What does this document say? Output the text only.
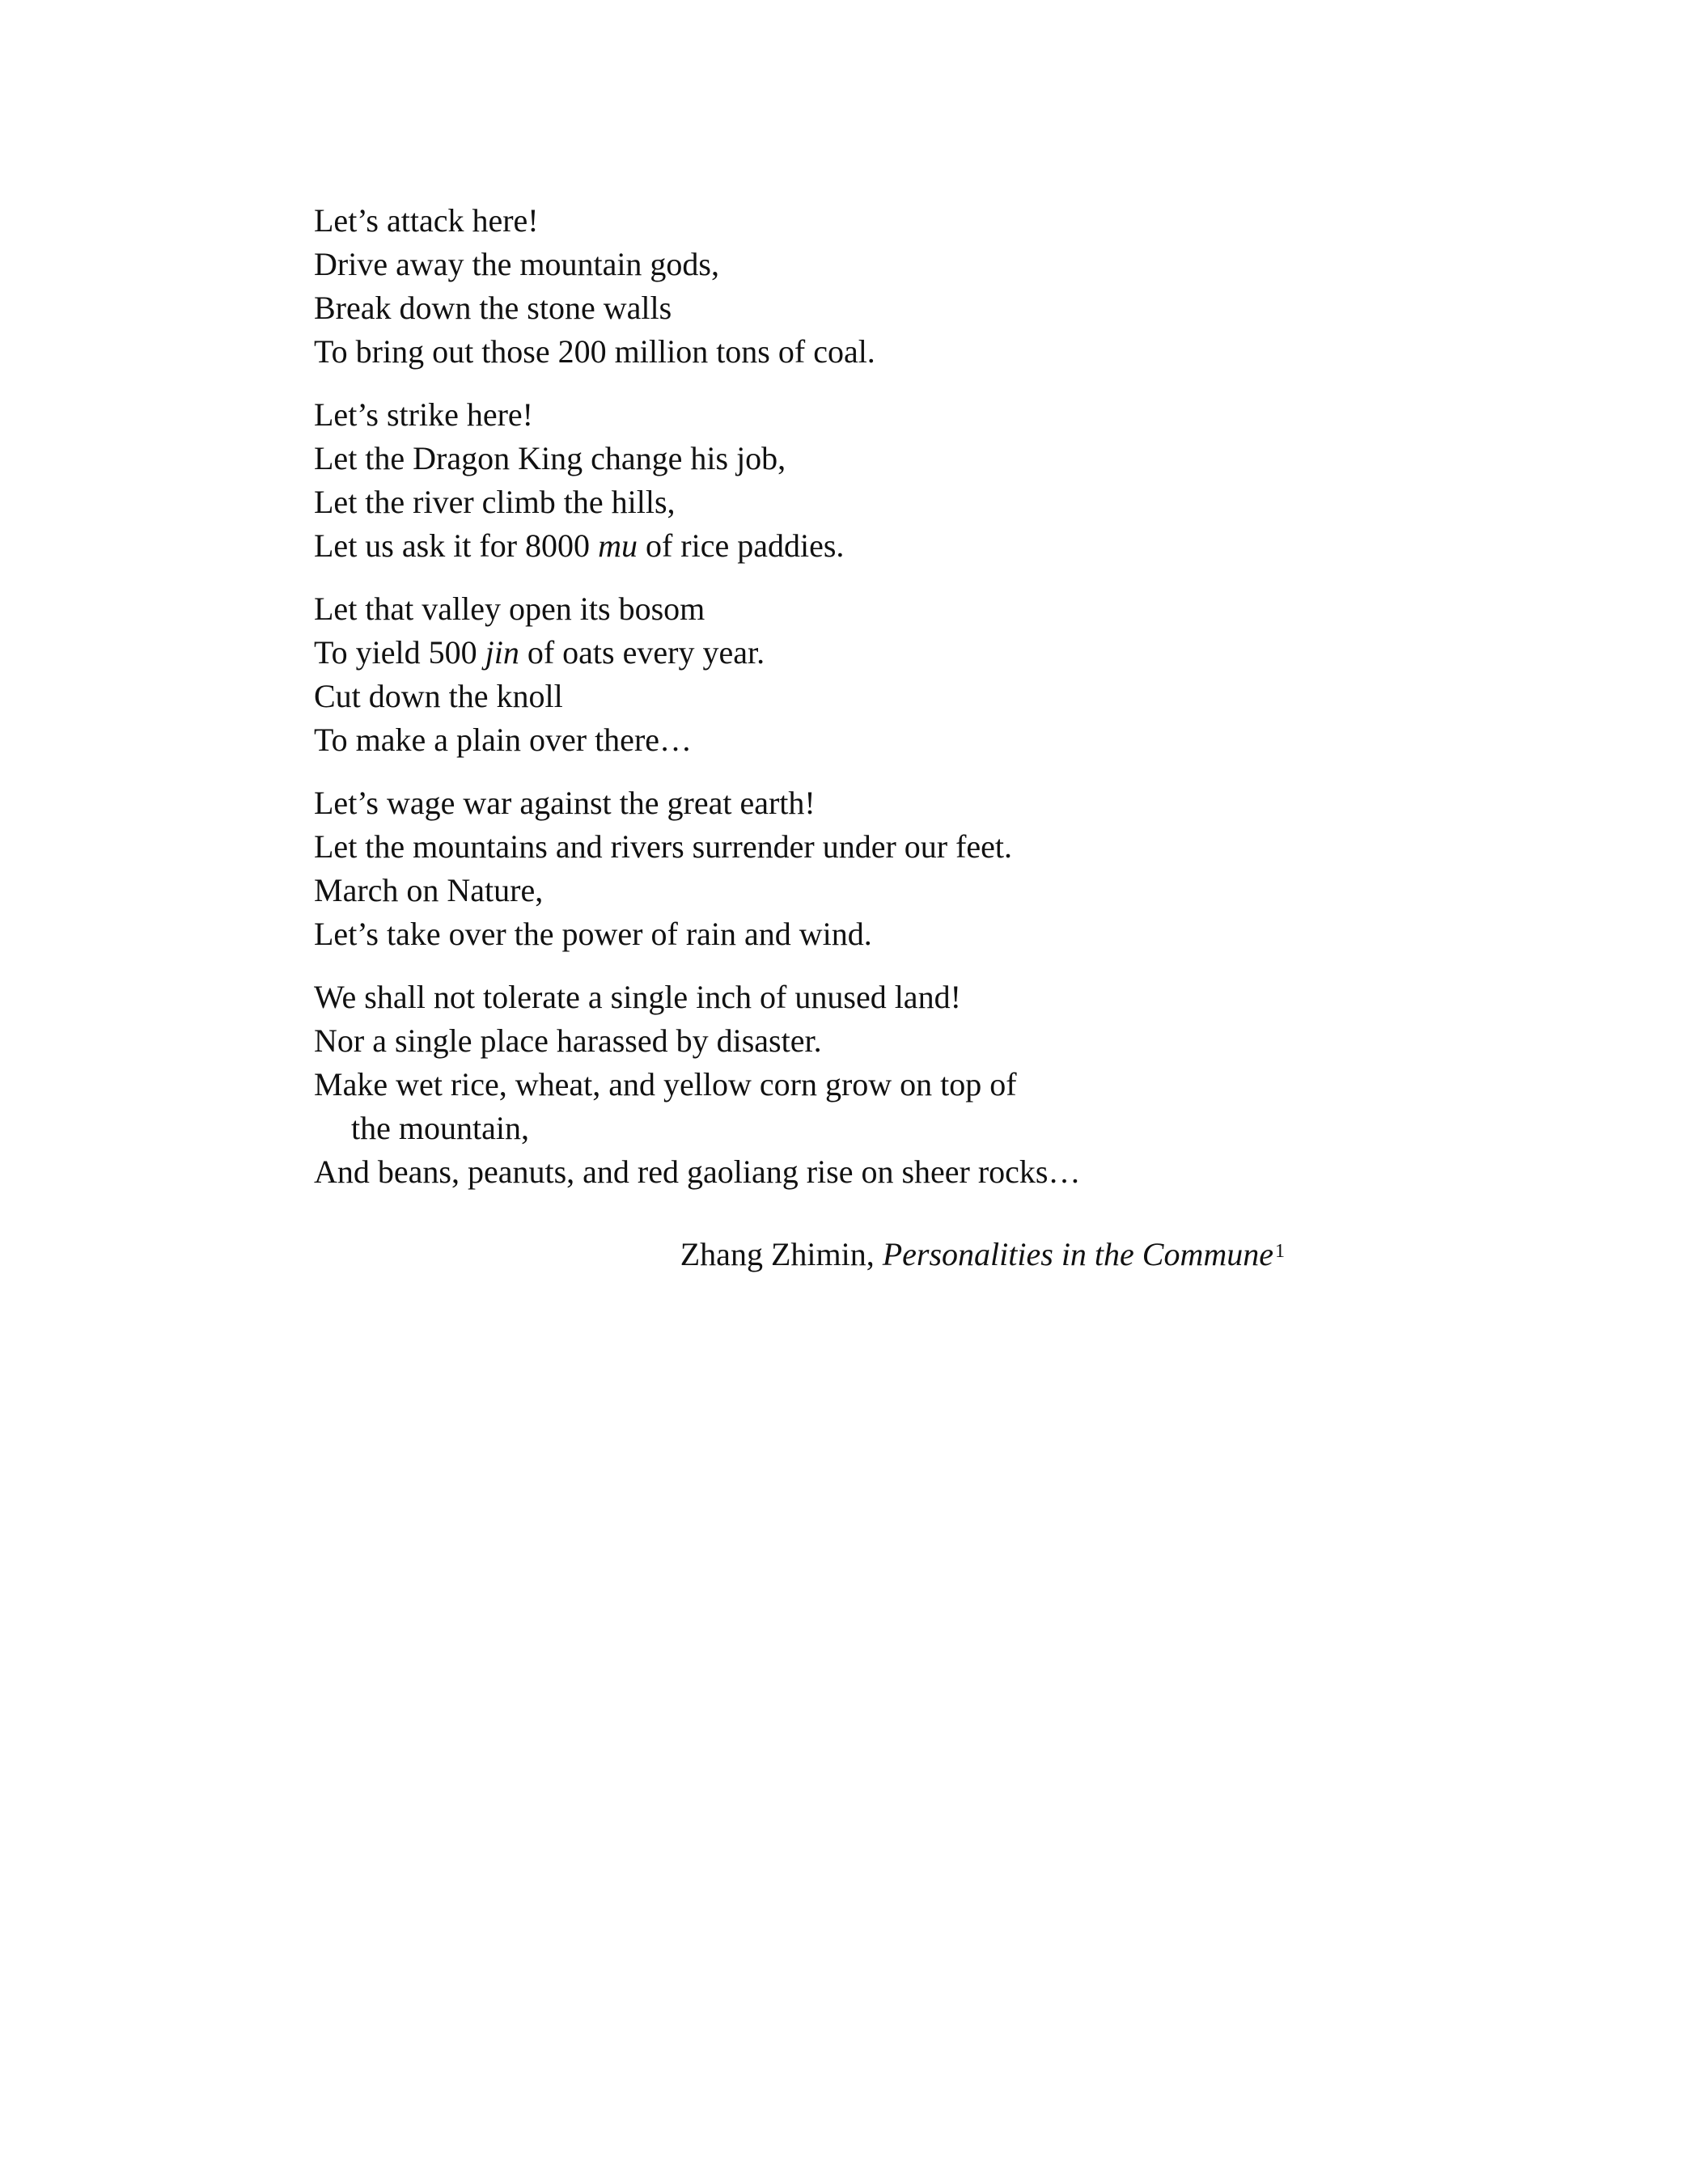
Let’s attack here!
Drive away the mountain gods,
Break down the stone walls
To bring out those 200 million tons of coal.
Let’s strike here!
Let the Dragon King change his job,
Let the river climb the hills,
Let us ask it for 8000 mu of rice paddies.
Let that valley open its bosom
To yield 500 jin of oats every year.
Cut down the knoll
To make a plain over there…
Let’s wage war against the great earth!
Let the mountains and rivers surrender under our feet.
March on Nature,
Let’s take over the power of rain and wind.
We shall not tolerate a single inch of unused land!
Nor a single place harassed by disaster.
Make wet rice, wheat, and yellow corn grow on top of
the mountain,
And beans, peanuts, and red gaoliang rise on sheer rocks…
Zhang Zhimin, Personalities in the Commune$^1$
